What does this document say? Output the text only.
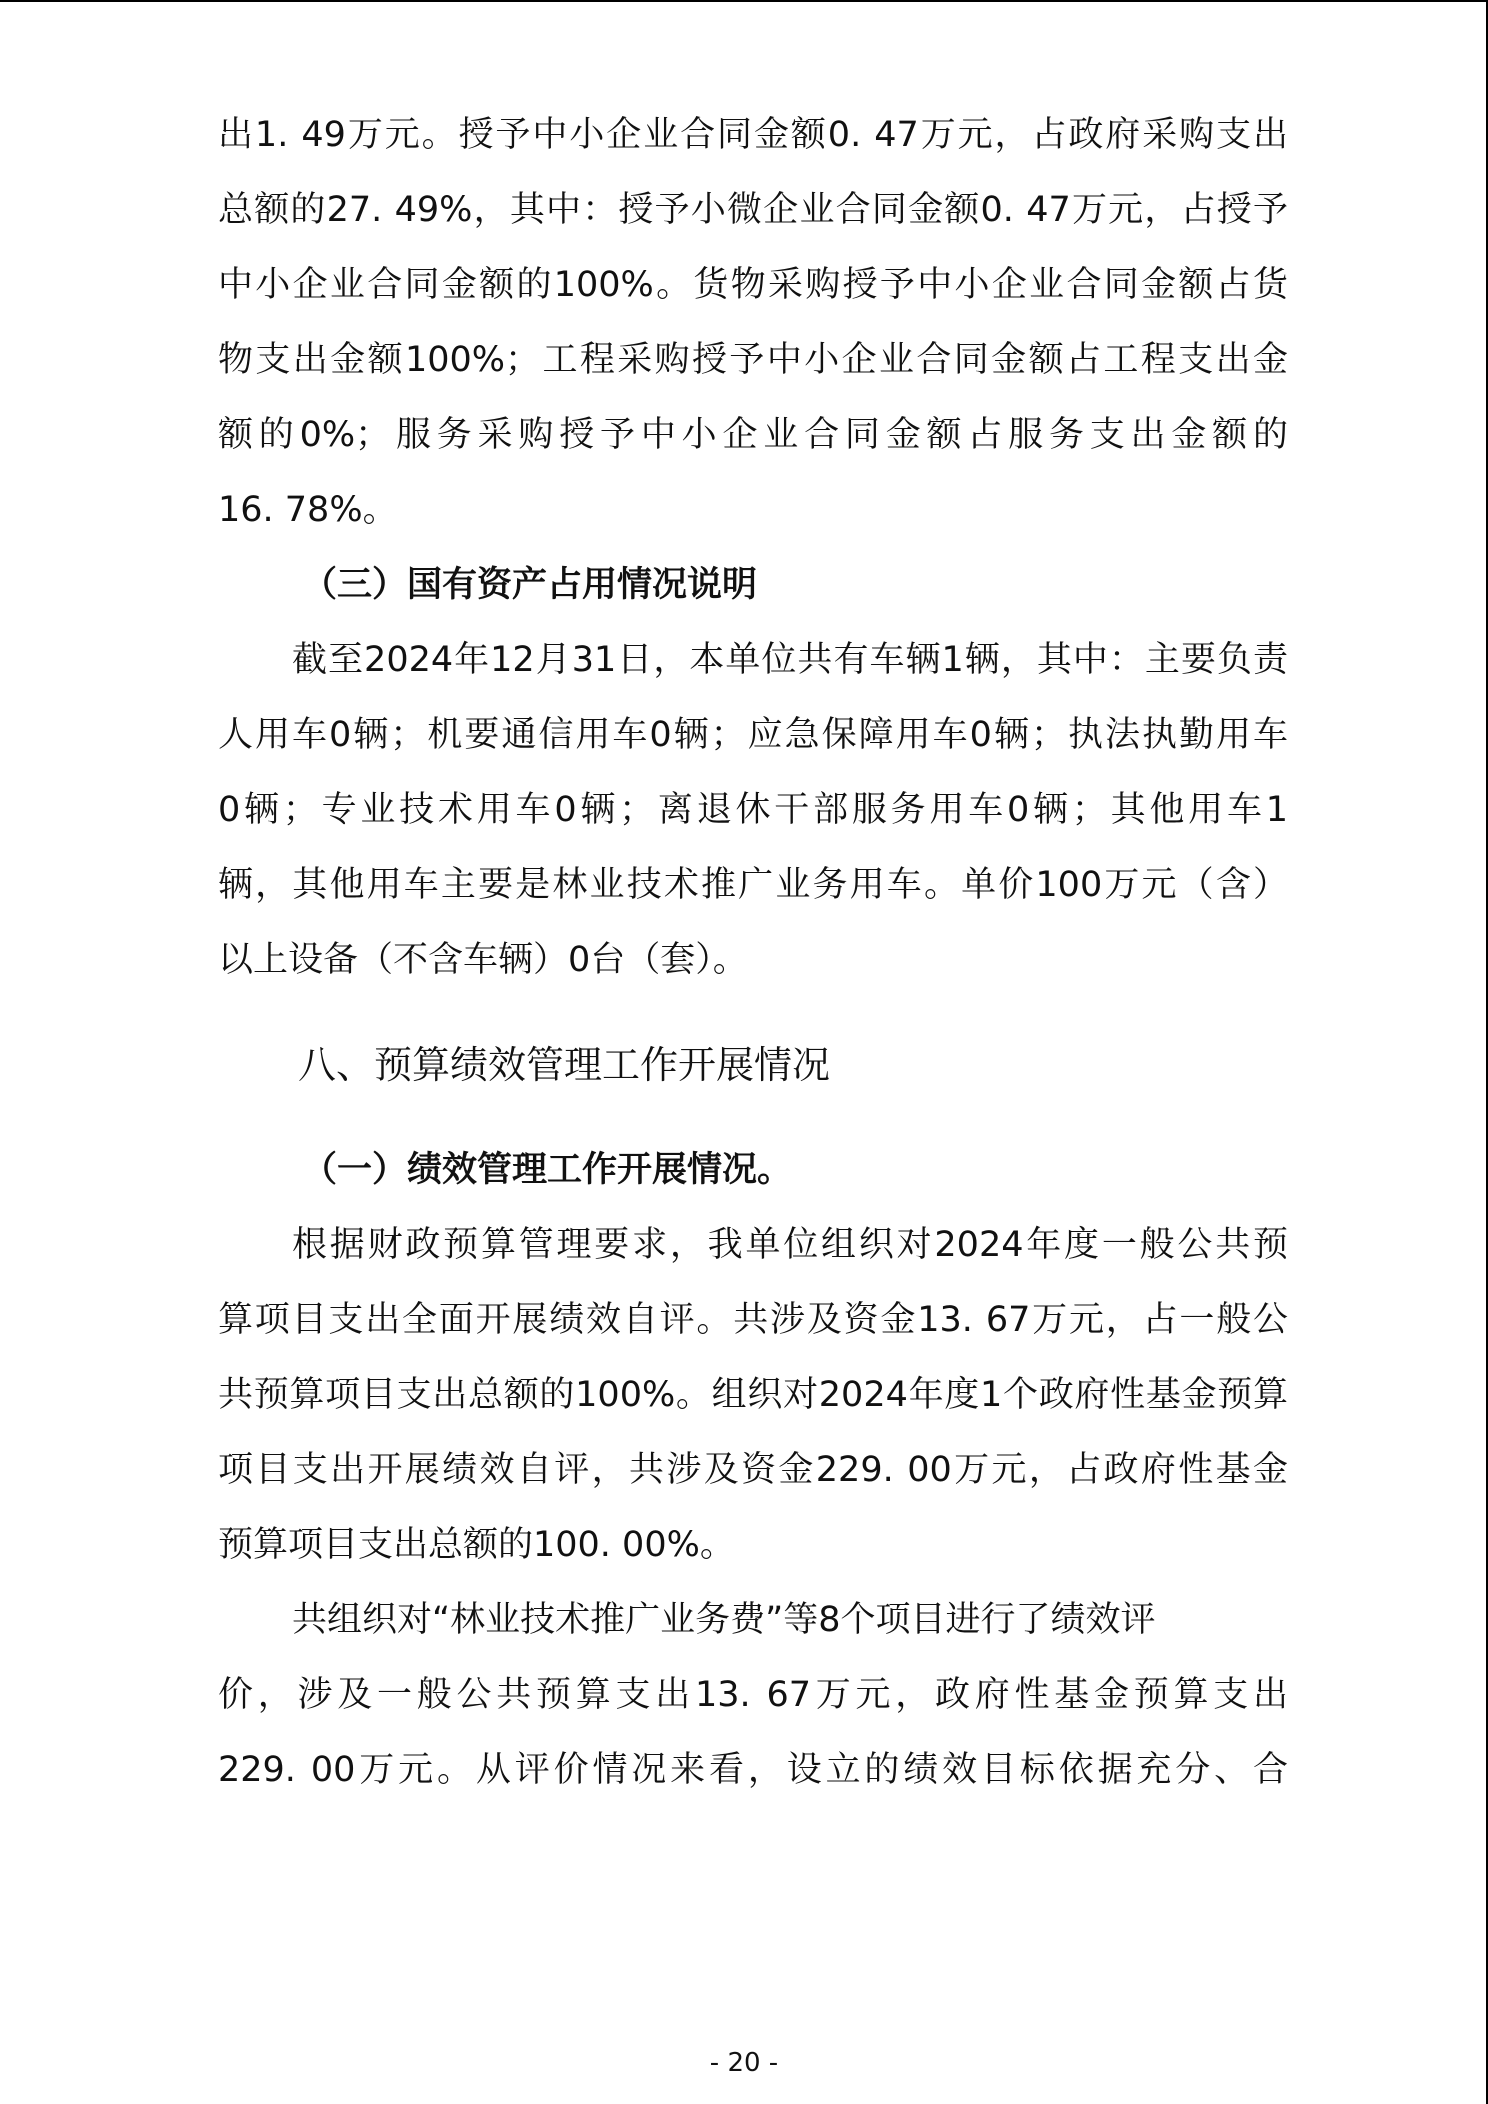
出1. 49万元。授予中小企业合同金额0. 47万元，占政府采购支出
总额的27. 49%，其中：授予小微企业合同金额0. 47万元，占授予
中小企业合同金额的100%。货物采购授予中小企业合同金额占货
物支出金额100%；工程采购授予中小企业合同金额占工程支出金
额的0%；服务采购授予中小企业合同金额占服务支出金额的
16. 78%。
（三）国有资产占用情况说明
截至2024年12月31日，本单位共有车辆1辆，其中：主要负责
人用车0辆；机要通信用车0辆；应急保障用车0辆；执法执勤用车
0辆；专业技术用车0辆；离退休干部服务用车0辆；其他用车1
辆，其他用车主要是林业技术推广业务用车。单价100万元（含）
以上设备（不含车辆）0台（套）。
八、预算绩效管理工作开展情况
（一）绩效管理工作开展情况。
根据财政预算管理要求，我单位组织对2024年度一般公共预
算项目支出全面开展绩效自评。共涉及资金13. 67万元，占一般公
共预算项目支出总额的100%。组织对2024年度1个政府性基金预算
项目支出开展绩效自评，共涉及资金229. 00万元，占政府性基金
预算项目支出总额的100. 00%。
共组织对“林业技术推广业务费”等8个项目进行了绩效评
价，涉及一般公共预算支出13. 67万元，政府性基金预算支出
229. 00万元。从评价情况来看，设立的绩效目标依据充分、合
- 20 -
